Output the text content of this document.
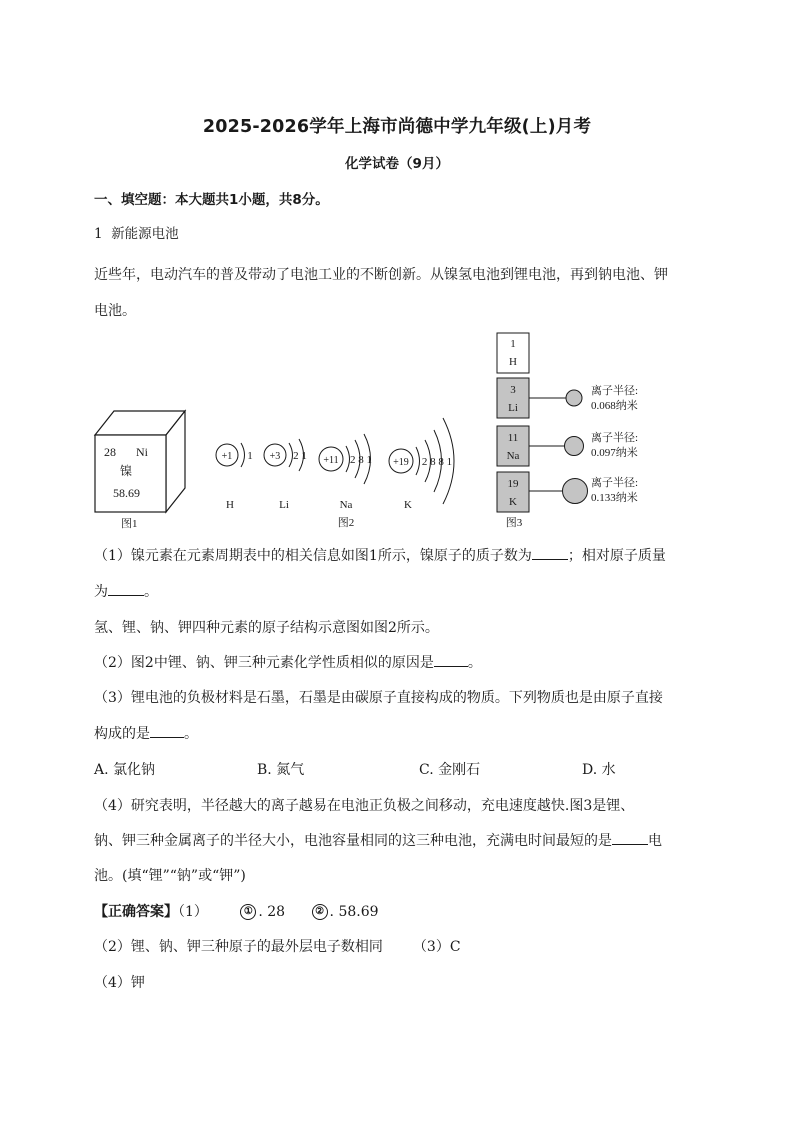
2025-2026学年上海市尚德中学九年级(上)月考
化学试卷（9月）
一、填空题：本大题共1小题，共8分。
1 新能源电池
近些年，电动汽车的普及带动了电池工业的不断创新。从镍氢电池到锂电池，再到钠电池、钾
电池。
28 Ni
镍
58.69
图1
+1 1
H
+3 2 1
Li
+11 2 8 1
Na
图2
+19 2 8 8 1
K
1
H
3
Li
离子半径:
0.068纳米
11
Na
离子半径:
0.097纳米
19
K
离子半径:
0.133纳米
图3
（1）镍元素在元素周期表中的相关信息如图1所示，镍原子的质子数为	；相对原子质量
为	。
氢、锂、钠、钾四种元素的原子结构示意图如图2所示。
（2）图2中锂、钠、钾三种元素化学性质相似的原因是 。
（3）锂电池的负极材料是石墨，石墨是由碳原子直接构成的物质。下列物质也是由原子直接
构成的是 。
A. 氯化钠	B. 氮气	C. 金刚石	D. 水
（4）研究表明，半径越大的离子越易在电池正负极之间移动，充电速度越快.图3是锂、
钠、钾三种金属离子的半径大小，电池容量相同的这三种电池，充满电时间最短的是	电
池。(填“锂”“钠”或“钾”)
【正确答案】（1）	① . 28	② . 58.69
（2）锂、钠、钾三种原子的最外层电子数相同 （3）C
（4）钾
